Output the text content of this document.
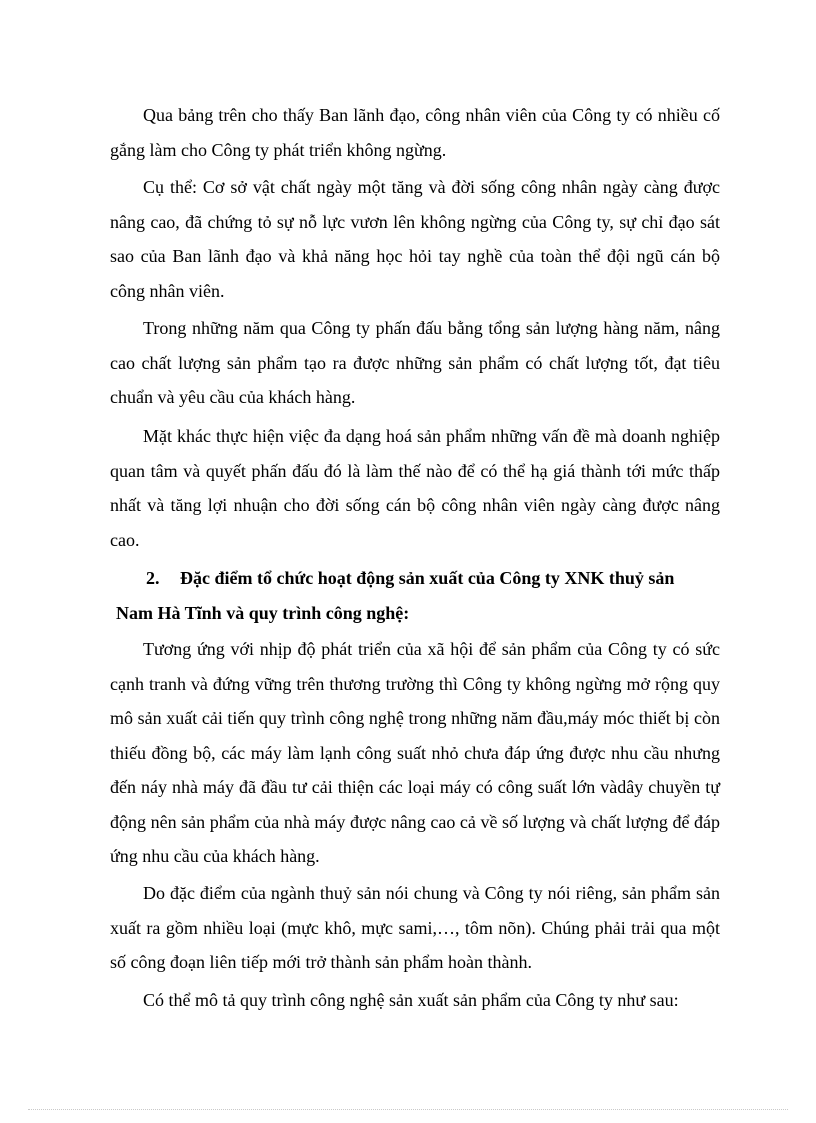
Qua bảng trên cho thấy Ban lãnh đạo, công nhân viên của Công ty có nhiều cố gắng làm cho Công ty phát triển không ngừng.

Cụ thể: Cơ sở vật chất ngày một tăng và đời sống công nhân ngày càng được nâng cao, đã chứng tỏ sự nỗ lực vươn lên không ngừng của Công ty, sự chỉ đạo sát sao của Ban lãnh đạo và khả năng học hỏi tay nghề của toàn thể đội ngũ cán bộ công nhân viên.

Trong những năm qua Công ty phấn đấu bằng tổng sản lượng hàng năm, nâng cao chất lượng sản phẩm tạo ra được những sản phẩm có chất lượng tốt, đạt tiêu chuẩn và yêu cầu của khách hàng.

Mặt khác thực hiện việc đa dạng hoá sản phẩm những vấn đề mà doanh nghiệp quan tâm và quyết phấn đấu đó là làm thế nào để có thể hạ giá thành tới mức thấp nhất và tăng lợi nhuận cho đời sống cán bộ công nhân viên ngày càng được nâng cao.

2. Đặc điểm tổ chức hoạt động sản xuất của Công ty XNK thuỷ sản
Nam Hà Tĩnh và quy trình công nghệ:

Tương ứng với nhịp độ phát triển của xã hội để sản phẩm của Công ty có sức cạnh tranh và đứng vững trên thương trường thì Công ty không ngừng mở rộng quy mô sản xuất cải tiến quy trình công nghệ trong những năm đầu,máy móc thiết bị còn thiếu đồng bộ, các máy làm lạnh công suất nhỏ chưa đáp ứng được nhu cầu nhưng đến náy nhà máy đã đầu tư cải thiện các loại máy có công suất lớn vàdây chuyền tự động nên sản phẩm của nhà máy được nâng cao cả về số lượng và chất lượng để đáp ứng nhu cầu của khách hàng.

Do đặc điểm của ngành thuỷ sản nói chung và Công ty nói riêng, sản phẩm sản xuất ra gồm nhiều loại (mực khô, mực sami,…, tôm nõn). Chúng phải trải qua một số công đoạn liên tiếp mới trở thành sản phẩm hoàn thành.

Có thể mô tả quy trình công nghệ sản xuất sản phẩm của Công ty như sau:
